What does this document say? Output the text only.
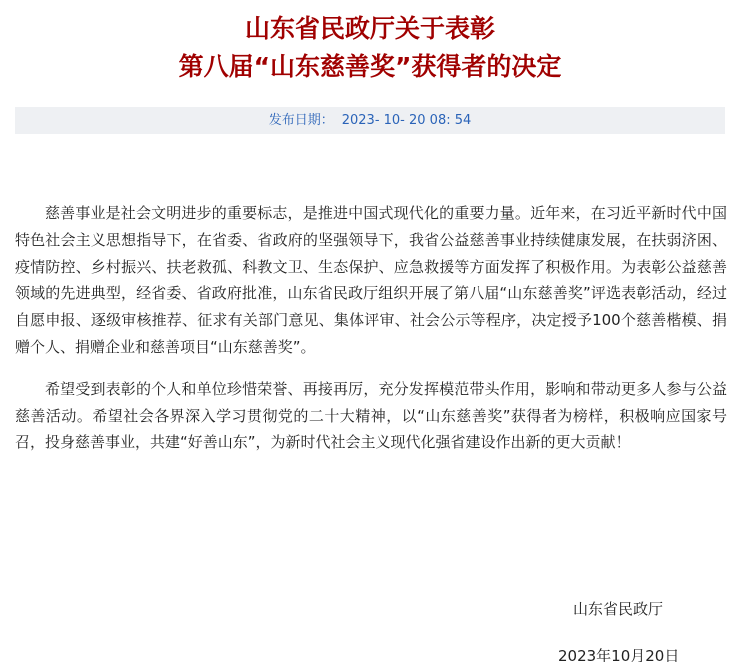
山东省民政厅关于表彰
第八届“山东慈善奖”获得者的决定
发布日期： 2023- 10- 20 08: 54

慈善事业是社会文明进步的重要标志，是推进中国式现代化的重要力量。近年来，在习近平新时代中国特色社会主义思想指导下，在省委、省政府的坚强领导下，我省公益慈善事业持续健康发展，在扶弱济困、疫情防控、乡村振兴、扶老救孤、科教文卫、生态保护、应急救援等方面发挥了积极作用。为表彰公益慈善领域的先进典型，经省委、省政府批准，山东省民政厅组织开展了第八届“山东慈善奖”评选表彰活动，经过自愿申报、逐级审核推荐、征求有关部门意见、集体评审、社会公示等程序，决定授予100个慈善楷模、捐赠个人、捐赠企业和慈善项目“山东慈善奖”。

希望受到表彰的个人和单位珍惜荣誉、再接再厉，充分发挥模范带头作用，影响和带动更多人参与公益慈善活动。希望社会各界深入学习贯彻党的二十大精神，以“山东慈善奖”获得者为榜样，积极响应国家号召，投身慈善事业，共建“好善山东”，为新时代社会主义现代化强省建设作出新的更大贡献！

山东省民政厅
2023年10月20日
